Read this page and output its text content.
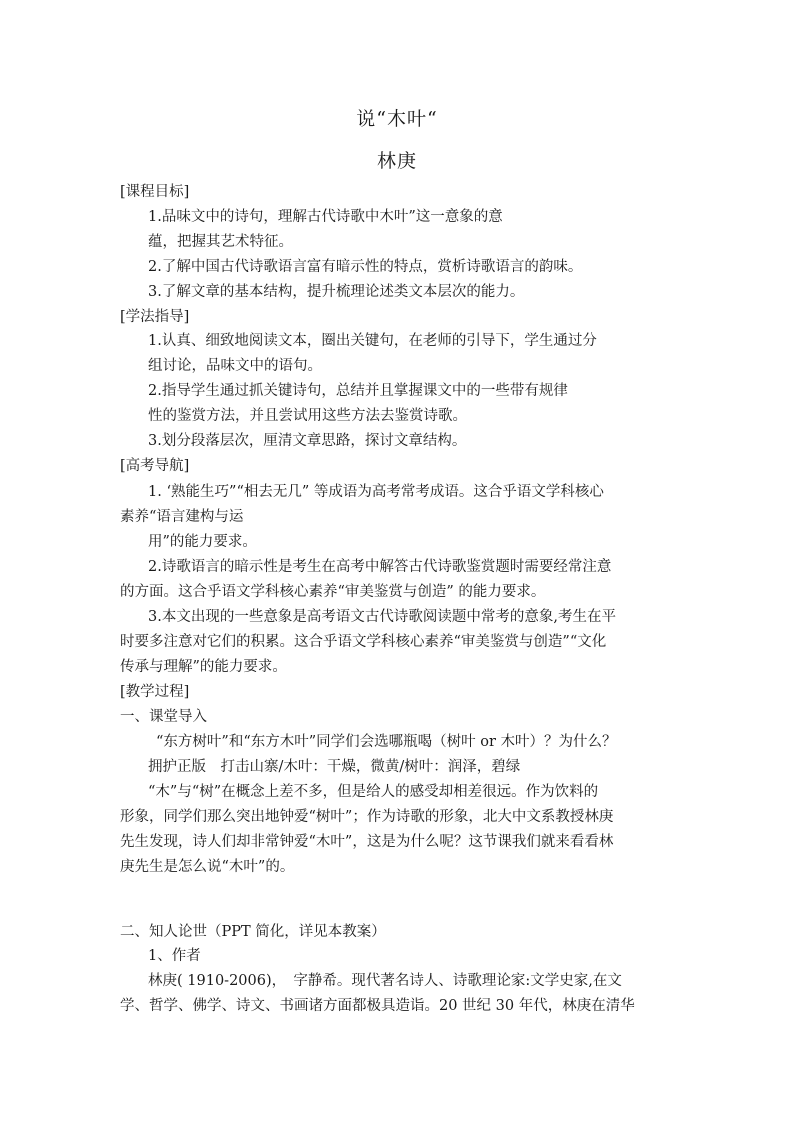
说“木叶“
林庚
[课程目标]
1.品味文中的诗句，理解古代诗歌中木叶”这一意象的意
蕴，把握其艺术特征。
2.了解中国古代诗歌语言富有暗示性的特点，赏析诗歌语言的韵味。
3.了解文章的基本结构，提升梳理论述类文本层次的能力。
[学法指导]
1.认真、细致地阅读文本，圈出关键句，在老师的引导下，学生通过分
组讨论，品味文中的语句。
2.指导学生通过抓关键诗句，总结并且掌握课文中的一些带有规律
性的鉴赏方法，并且尝试用这些方法去鉴赏诗歌。
3.划分段落层次，厘清文章思路，探讨文章结构。
[高考导航]
1. ‘熟能生巧”“相去无几” 等成语为高考常考成语。这合乎语文学科核心
素养“语言建构与运
用”的能力要求。
2.诗歌语言的暗示性是考生在高考中解答古代诗歌鉴赏题时需要经常注意
的方面。这合乎语文学科核心素养“审美鉴赏与创造” 的能力要求。
3.本文出现的一些意象是高考语文古代诗歌阅读题中常考的意象,考生在平
时要多注意对它们的积累。这合乎语文学科核心素养“审美鉴赏与创造”“文化
传承与理解”的能力要求。
[教学过程]
一、课堂导入
“东方树叶”和“东方木叶”同学们会选哪瓶喝（树叶 or 木叶）？为什么？
拥护正版　打击山寨/木叶：干燥，微黄/树叶：润泽，碧绿
“木”与“树”在概念上差不多，但是给人的感受却相差很远。作为饮料的
形象，同学们那么突出地钟爱“树叶”；作为诗歌的形象，北大中文系教授林庚
先生发现，诗人们却非常钟爱“木叶”，这是为什么呢？这节课我们就来看看林
庚先生是怎么说“木叶”的。
二、知人论世（PPT 简化，详见本教案）
1、作者
林庚( 1910-2006)，　字静希。现代著名诗人、诗歌理论家:文学史家,在文
学、哲学、佛学、诗文、书画诸方面都极具造诣。20 世纪 30 年代，林庚在清华
